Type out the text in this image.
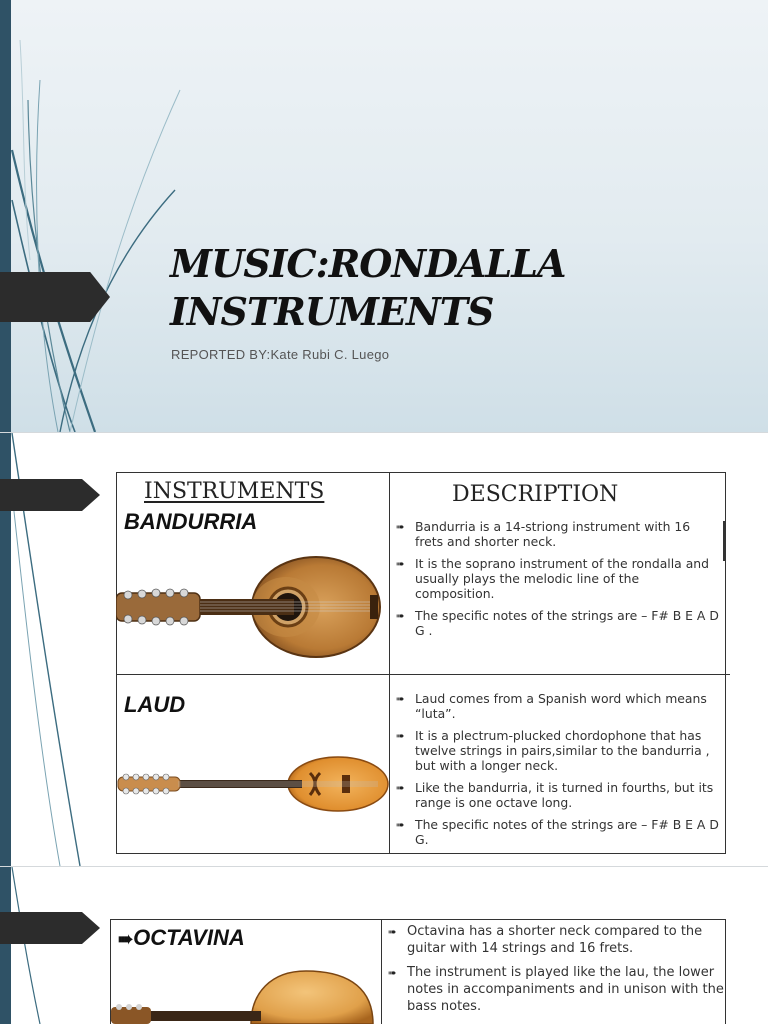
MUSIC:RONDALLA
INSTRUMENTS
REPORTED BY:Kate Rubi C. Luego
INSTRUMENTS	DESCRIPTION
BANDURRIA	➠ Bandurria is a 14-striong instrument with 16 frets and shorter neck.
➠ It is the soprano instrument of the rondalla and usually plays the melodic line of the composition.
➠ The specific notes of the strings are – F# B E A D G .
LAUD	➠ Laud comes from a Spanish word which means “luta”.
➠ It is a plectrum-plucked chordophone that has twelve strings in pairs,similar to the bandurria , but with a longer neck.
➠ Like the bandurria, it is turned in fourths, but its range is one octave long.
➠ The specific notes of the strings are – F# B E A D G.
➠OCTAVINA	➠ Octavina has a shorter neck compared to the guitar with 14 strings and 16 frets.
➠ The instrument is played like the lau, the lower notes in accompaniments and in unison with the bass notes.
